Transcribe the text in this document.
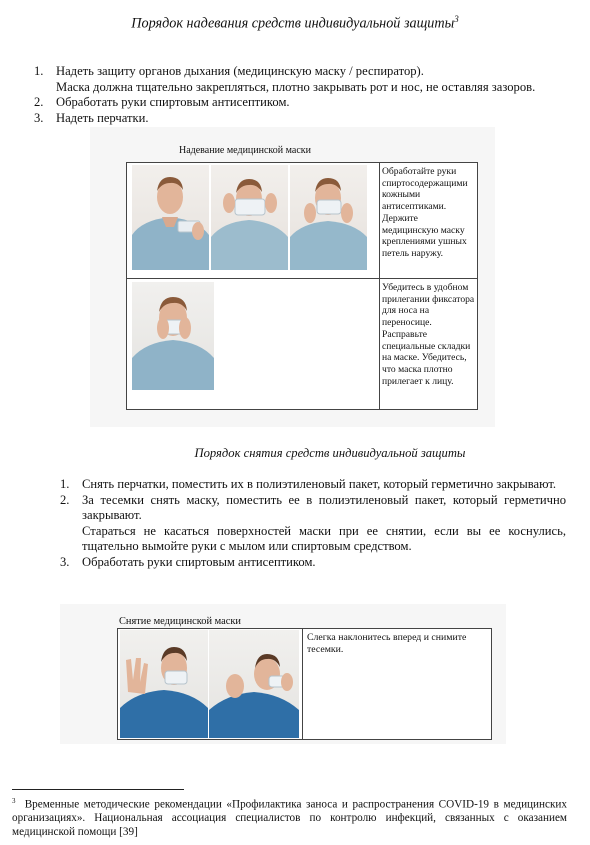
Порядок надевания средств индивидуальной защиты$^3$
1. Надеть защиту органов дыхания (медицинскую маску / респиратор).
Маска должна тщательно закрепляться, плотно закрывать рот и нос, не оставляя зазоров.
2. Обработать руки спиртовым антисептиком.
3. Надеть перчатки.
Надевание медицинской маски
Обработайте руки спиртосодержащими кожными антисептиками. Держите медицинскую маску креплениями ушных петель наружу.
Убедитесь в удобном прилегании фиксатора для носа на переносице. Расправьте специальные складки на маске. Убедитесь, что маска плотно прилегает к лицу.
Порядок снятия средств индивидуальной защиты
1. Снять перчатки, поместить их в полиэтиленовый пакет, который герметично закрывают.
2. За тесемки снять маску, поместить ее в полиэтиленовый пакет, который герметично закрывают.
Стараться не касаться поверхностей маски при ее снятии, если вы ее коснулись, тщательно вымойте руки с мылом или спиртовым средством.
3. Обработать руки спиртовым антисептиком.
Снятие медицинской маски
Слегка наклонитесь вперед и снимите тесемки.
$^3$ Временные методические рекомендации «Профилактика заноса и распространения COVID-19 в медицинских организациях». Национальная ассоциация специалистов по контролю инфекций, связанных с оказанием медицинской помощи [39]
